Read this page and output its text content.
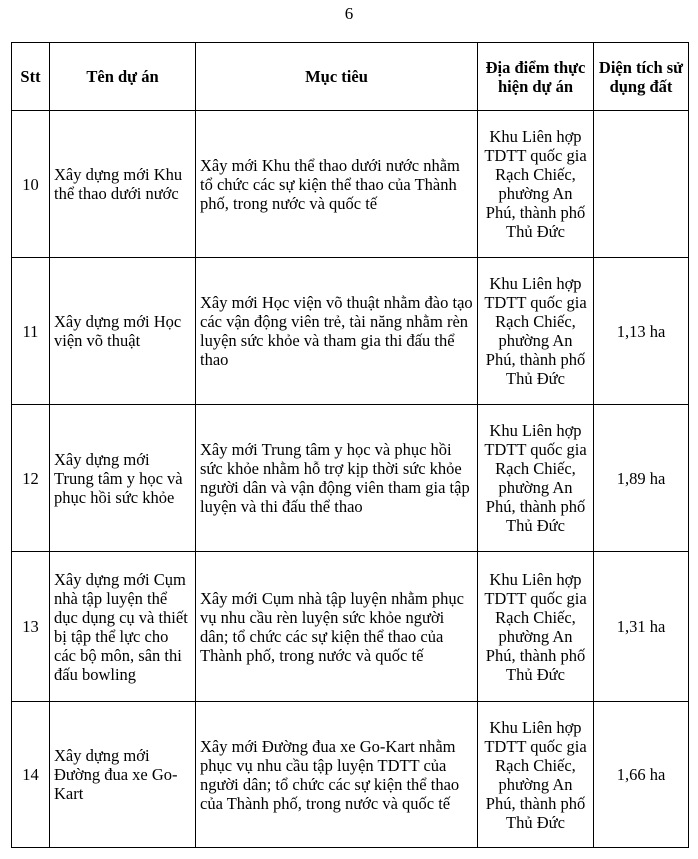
6
Stt	Tên dự án	Mục tiêu	Địa điểm thực hiện dự án	Diện tích sử dụng đất
10	Xây dựng mới Khu thể thao dưới nước	Xây mới Khu thể thao dưới nước nhằm tổ chức các sự kiện thể thao của Thành phố, trong nước và quốc tế	Khu Liên hợp TDTT quốc gia Rạch Chiếc, phường An Phú, thành phố Thủ Đức	
11	Xây dựng mới Học viện võ thuật	Xây mới Học viện võ thuật nhằm đào tạo các vận động viên trẻ, tài năng nhằm rèn luyện sức khỏe và tham gia thi đấu thể thao	Khu Liên hợp TDTT quốc gia Rạch Chiếc, phường An Phú, thành phố Thủ Đức	1,13 ha
12	Xây dựng mới Trung tâm y học và phục hồi sức khỏe	Xây mới Trung tâm y học và phục hồi sức khỏe nhằm hỗ trợ kịp thời sức khỏe người dân và vận động viên tham gia tập luyện và thi đấu thể thao	Khu Liên hợp TDTT quốc gia Rạch Chiếc, phường An Phú, thành phố Thủ Đức	1,89 ha
13	Xây dựng mới Cụm nhà tập luyện thể dục dụng cụ và thiết bị tập thể lực cho các bộ môn, sân thi đấu bowling	Xây mới Cụm nhà tập luyện nhằm phục vụ nhu cầu rèn luyện sức khỏe người dân; tổ chức các sự kiện thể thao của Thành phố, trong nước và quốc tế	Khu Liên hợp TDTT quốc gia Rạch Chiếc, phường An Phú, thành phố Thủ Đức	1,31 ha
14	Xây dựng mới Đường đua xe Go-Kart	Xây mới Đường đua xe Go-Kart nhằm phục vụ nhu cầu tập luyện TDTT của người dân; tổ chức các sự kiện thể thao của Thành phố, trong nước và quốc tế	Khu Liên hợp TDTT quốc gia Rạch Chiếc, phường An Phú, thành phố Thủ Đức	1,66 ha
